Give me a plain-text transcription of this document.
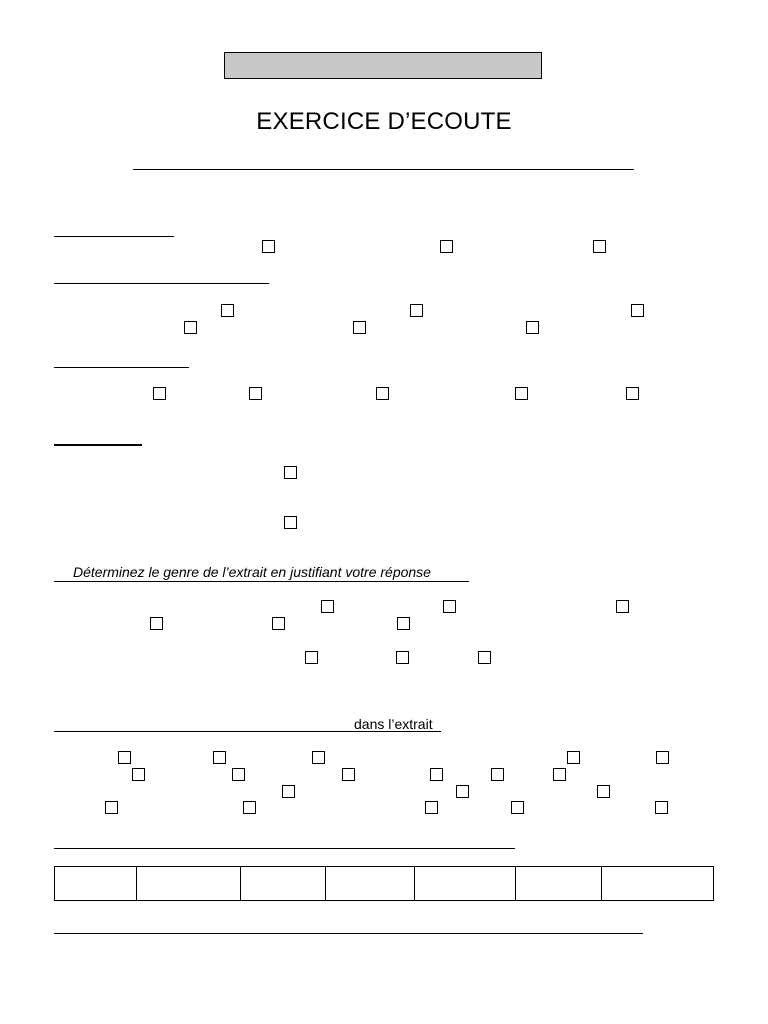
EXERCICE D’ECOUTE
Déterminez le genre de l’extrait en justifiant votre réponse
dans l’extrait
